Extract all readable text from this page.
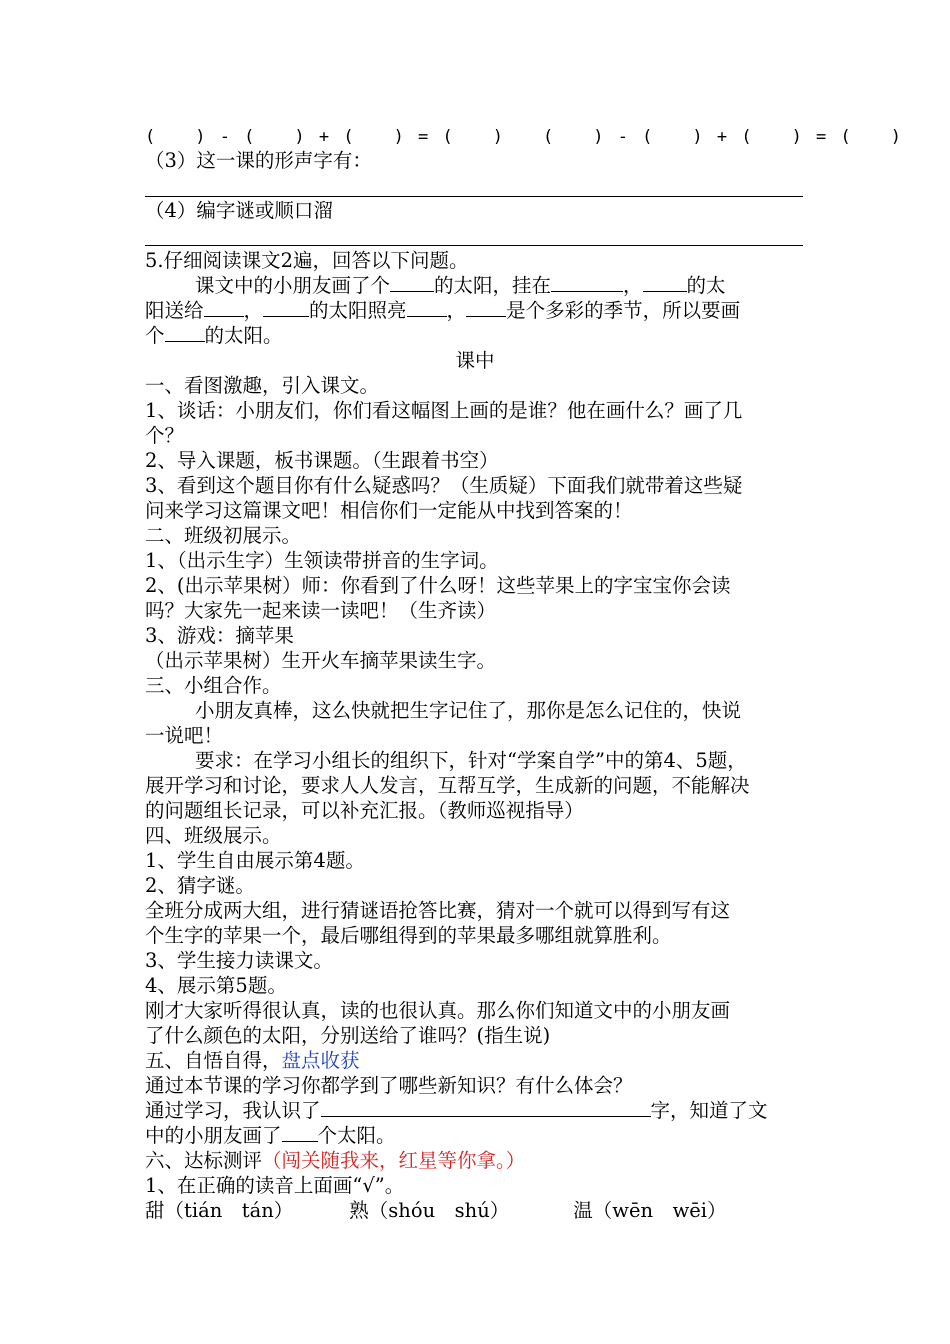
(　　) - (　　) + (　　) = (　　)　　(　　) - (　　) + (　　) = (　　)
（3）这一课的形声字有：
（4）编字谜或顺口溜
5.仔细阅读课文2遍，回答以下问题。
课文中的小朋友画了个 的太阳，挂在	， 的太
阳送给 ， 的太阳照亮 ， 是个多彩的季节，所以要画
个 的太阳。
课中
一、看图激趣，引入课文。
1、谈话：小朋友们，你们看这幅图上画的是谁？他在画什么？画了几
个？
2、导入课题，板书课题。（生跟着书空）
3、看到这个题目你有什么疑惑吗？（生质疑）下面我们就带着这些疑
问来学习这篇课文吧！相信你们一定能从中找到答案的！
二、班级初展示。
1、（出示生字）生领读带拼音的生字词。
2、(出示苹果树）师：你看到了什么呀！这些苹果上的字宝宝你会读
吗？大家先一起来读一读吧！（生齐读）
3、游戏：摘苹果
（出示苹果树）生开火车摘苹果读生字。
三、小组合作。
小朋友真棒，这么快就把生字记住了，那你是怎么记住的，快说
一说吧！
要求：在学习小组长的组织下，针对“学案自学”中的第4、5题，
展开学习和讨论，要求人人发言，互帮互学，生成新的问题，不能解决
的问题组长记录，可以补充汇报。（教师巡视指导）
四、班级展示。
1、学生自由展示第4题。
2、猜字谜。
全班分成两大组，进行猜谜语抢答比赛，猜对一个就可以得到写有这
个生字的苹果一个，最后哪组得到的苹果最多哪组就算胜利。
3、学生接力读课文。
4、展示第5题。
刚才大家听得很认真，读的也很认真。那么你们知道文中的小朋友画
了什么颜色的太阳，分别送给了谁吗？(指生说)
五、自悟自得，盘点收获
通过本节课的学习你都学到了哪些新知识？有什么体会？
通过学习，我认识了	字，知道了文
中的小朋友画了 个太阳。
六、达标测评（闯关随我来，红星等你拿。）
1、在正确的读音上面画“√”。
甜（tián　tán）	熟（shóu　shú）	温（wēn　wēi）
